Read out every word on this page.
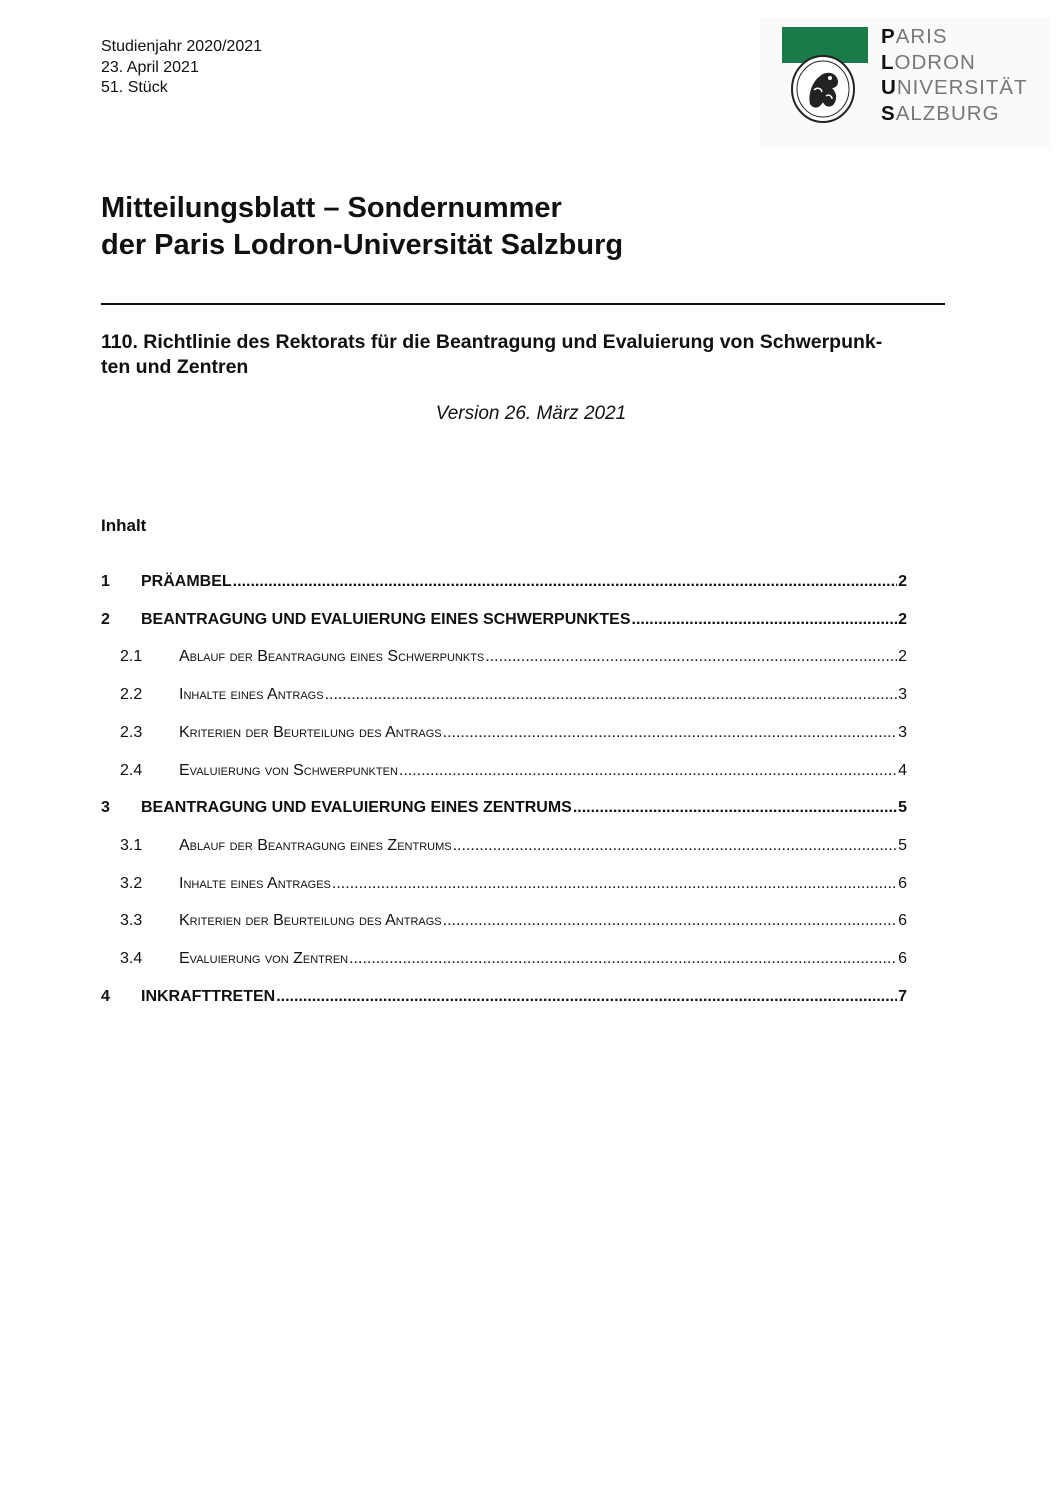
Studienjahr 2020/2021
23. April 2021
51. Stück
PARIS
LODRON
UNIVERSITÄT
SALZBURG
Mitteilungsblatt – Sondernummer
der Paris Lodron-Universität Salzburg
110. Richtlinie des Rektorats für die Beantragung und Evaluierung von Schwerpunk-
ten und Zentren
Version 26. März 2021
Inhalt
1 PRÄAMBEL .....	2
2 BEANTRAGUNG UND EVALUIERUNG EINES SCHWERPUNKTES .....	2
2.1 Ablauf der Beantragung eines Schwerpunkts .....	2
2.2 Inhalte eines Antrags .....	3
2.3 Kriterien der Beurteilung des Antrags .....	3
2.4 Evaluierung von Schwerpunkten .....	4
3 BEANTRAGUNG UND EVALUIERUNG EINES ZENTRUMS .....	5
3.1 Ablauf der Beantragung eines Zentrums .....	5
3.2 Inhalte eines Antrages .....	6
3.3 Kriterien der Beurteilung des Antrags .....	6
3.4 Evaluierung von Zentren .....	6
4 INKRAFTTRETEN .....	7
